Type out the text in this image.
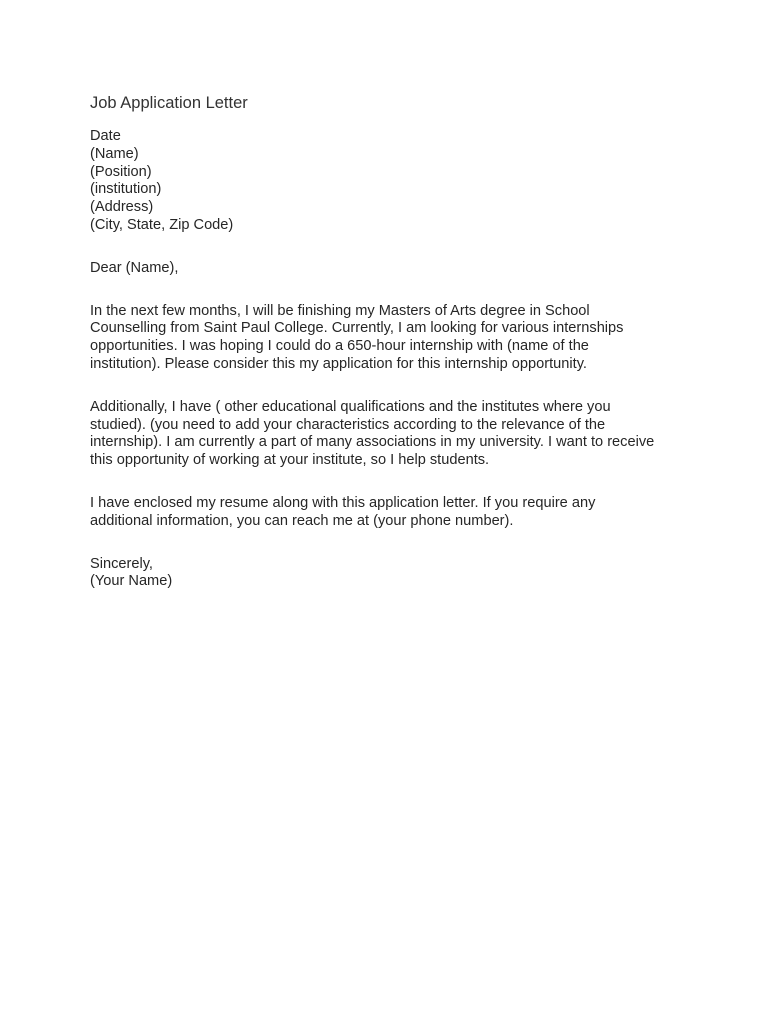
Job Application Letter
Date
(Name)
(Position)
(institution)
(Address)
(City, State, Zip Code)
Dear (Name),
In the next few months, I will be finishing my Masters of Arts degree in School
Counselling from Saint Paul College. Currently, I am looking for various internships
opportunities. I was hoping I could do a 650-hour internship with (name of the
institution). Please consider this my application for this internship opportunity.
Additionally, I have ( other educational qualifications and the institutes where you
studied). (you need to add your characteristics according to the relevance of the
internship). I am currently a part of many associations in my university. I want to receive
this opportunity of working at your institute, so I help students.
I have enclosed my resume along with this application letter. If you require any
additional information, you can reach me at (your phone number).
Sincerely,
(Your Name)
